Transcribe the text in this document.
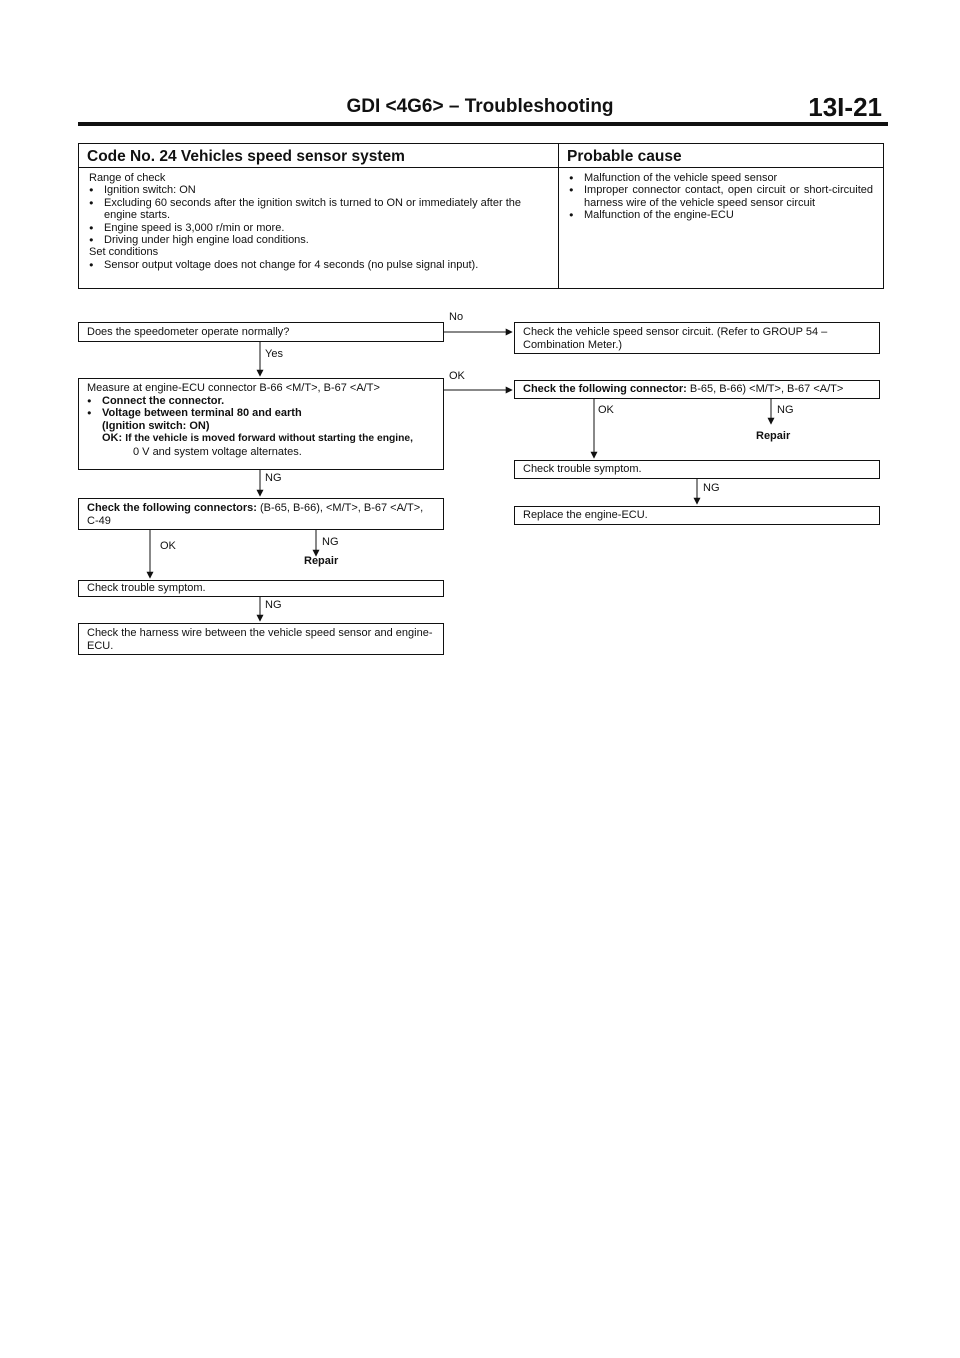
GDI <4G6> – Troubleshooting	13I-21
Code No. 24 Vehicles speed sensor system
Range of check
● Ignition switch: ON
● Excluding 60 seconds after the ignition switch is turned to ON or immediately after the engine starts.
● Engine speed is 3,000 r/min or more.
● Driving under high engine load conditions.
Set conditions
● Sensor output voltage does not change for 4 seconds (no pulse signal input).
Probable cause
● Malfunction of the vehicle speed sensor
● Improper connector contact, open circuit or short-circuited harness wire of the vehicle speed sensor circuit
● Malfunction of the engine-ECU
Does the speedometer operate normally?
No
Yes
Measure at engine-ECU connector B-66 <M/T>, B-67 <A/T>
● Connect the connector.
● Voltage between terminal 80 and earth
(Ignition switch: ON)
OK: If the vehicle is moved forward without starting the engine,
0 V and system voltage alternates.
OK
NG
Check the following connectors: (B-65, B-66), <M/T>, B-67 <A/T>, C-49
OK	NG
Repair
Check trouble symptom.
NG
Check the harness wire between the vehicle speed sensor and engine-ECU.
Check the vehicle speed sensor circuit. (Refer to GROUP 54 – Combination Meter.)
Check the following connector: B-65, B-66) <M/T>, B-67 <A/T>
OK	NG
Repair
Check trouble symptom.
NG
Replace the engine-ECU.
